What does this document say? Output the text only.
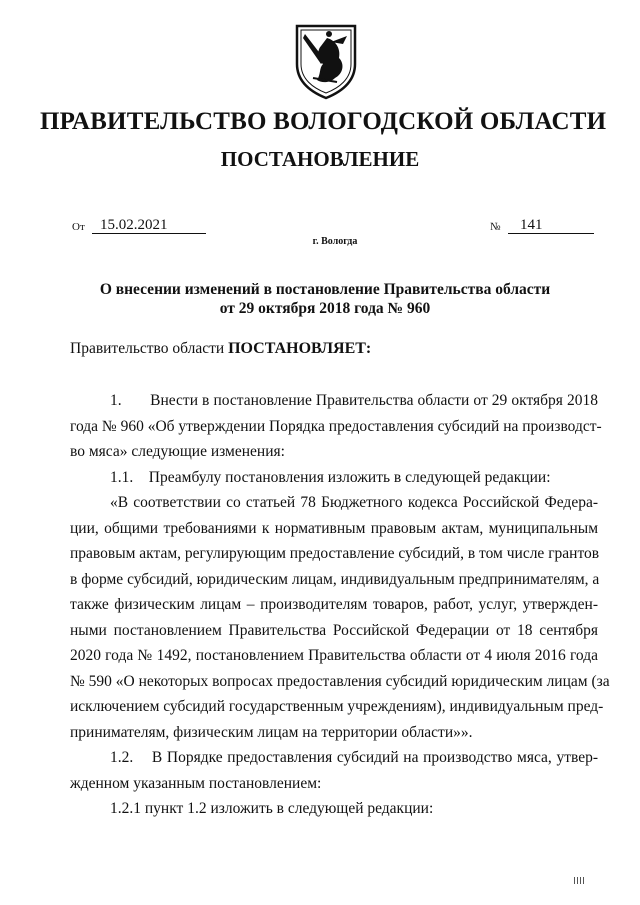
ПРАВИТЕЛЬСТВО ВОЛОГОДСКОЙ ОБЛАСТИ
ПОСТАНОВЛЕНИЕ
От	15.02.2021	№	141
г. Вологда
О внесении изменений в постановление Правительства области
от 29 октября 2018 года № 960
Правительство области ПОСТАНОВЛЯЕТ:
1.       Внести в постановление Правительства области от 29 октября 2018
года № 960 «Об утверждении Порядка предоставления субсидий на производст-
во мяса» следующие изменения:
1.1.    Преамбулу постановления изложить в следующей редакции:
«В соответствии со статьей 78 Бюджетного кодекса Российской Федера-
ции, общими требованиями к нормативным правовым актам, муниципальным
правовым актам, регулирующим предоставление субсидий, в том числе грантов
в форме субсидий, юридическим лицам, индивидуальным предпринимателям, а
также физическим лицам – производителям товаров, работ, услуг, утвержден-
ными постановлением Правительства Российской Федерации от 18 сентября
2020 года № 1492, постановлением Правительства области от 4 июля 2016 года
№ 590 «О некоторых вопросах предоставления субсидий юридическим лицам (за
исключением субсидий государственным учреждениям), индивидуальным пред-
принимателям, физическим лицам на территории области»».
1.2.    В Порядке предоставления субсидий на производство мяса, утвер-
жденном указанным постановлением:
1.2.1 пункт 1.2 изложить в следующей редакции:
